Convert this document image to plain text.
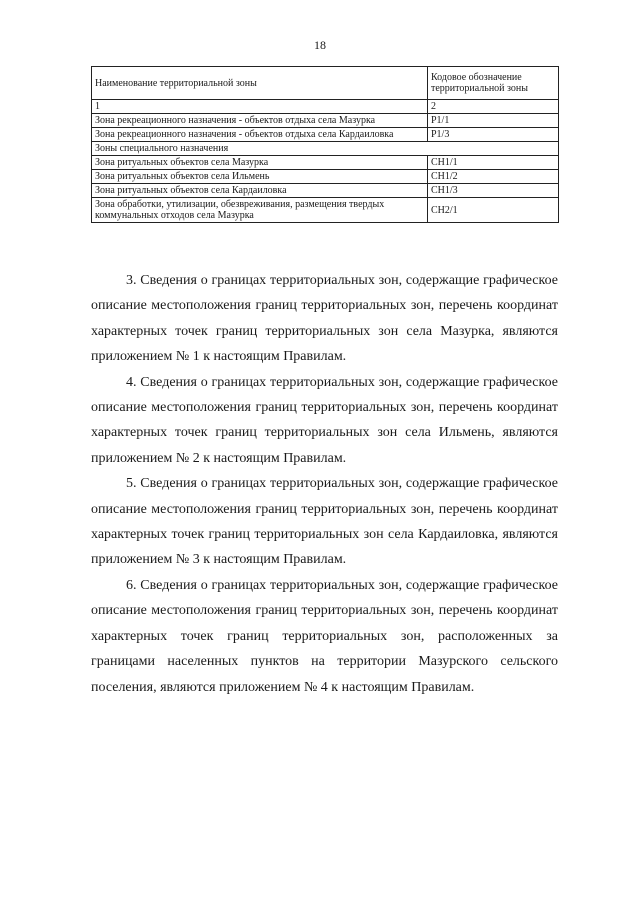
18
Наименование территориальной зоны	Кодовое обозначение территориальной зоны
1	2
Зона рекреационного назначения - объектов отдыха села Мазурка	Р1/1
Зона рекреационного назначения - объектов отдыха села Кардаиловка	Р1/3
Зоны специального назначения	
Зона ритуальных объектов села Мазурка	СН1/1
Зона ритуальных объектов села Ильмень	СН1/2
Зона ритуальных объектов села Кардаиловка	СН1/3
Зона обработки, утилизации, обезвреживания, размещения твердых коммунальных отходов села Мазурка	СН2/1

3. Сведения о границах территориальных зон, содержащие графическое описание местоположения границ территориальных зон, перечень координат характерных точек границ территориальных зон села Мазурка, являются приложением № 1 к настоящим Правилам.

4. Сведения о границах территориальных зон, содержащие графическое описание местоположения границ территориальных зон, перечень координат характерных точек границ территориальных зон села Ильмень, являются приложением № 2 к настоящим Правилам.

5. Сведения о границах территориальных зон, содержащие графическое описание местоположения границ территориальных зон, перечень координат характерных точек границ территориальных зон села Кардаиловка, являются приложением № 3 к настоящим Правилам.

6. Сведения о границах территориальных зон, содержащие графическое описание местоположения границ территориальных зон, перечень координат характерных точек границ территориальных зон, расположенных за границами населенных пунктов на территории Мазурского сельского поселения, являются приложением № 4 к настоящим Правилам.
